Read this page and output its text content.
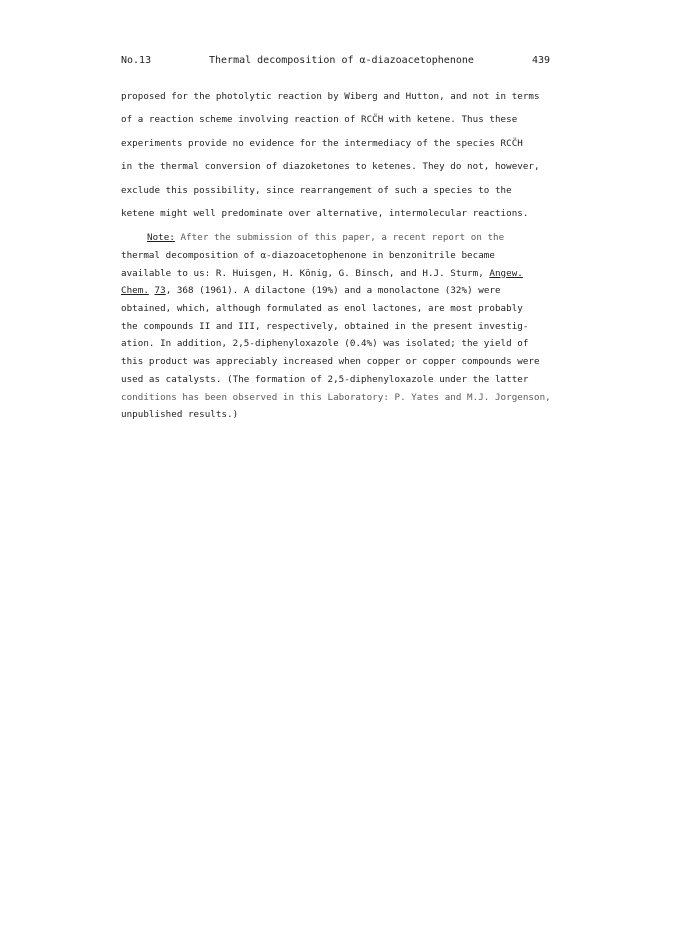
No.13	Thermal decomposition of α-diazoacetophenone	439
proposed for the photolytic reaction by Wiberg and Hutton, and not in terms
of a reaction scheme involving reaction of RCC̈H with ketene. Thus these
experiments provide no evidence for the intermediacy of the species RCC̈H
in the thermal conversion of diazoketones to ketenes. They do not, however,
exclude this possibility, since rearrangement of such a species to the
ketene might well predominate over alternative, intermolecular reactions.
Note: After the submission of this paper, a recent report on the
thermal decomposition of α-diazoacetophenone in benzonitrile became
available to us: R. Huisgen, H. König, G. Binsch, and H.J. Sturm, Angew.
Chem. 73, 368 (1961). A dilactone (19%) and a monolactone (32%) were
obtained, which, although formulated as enol lactones, are most probably
the compounds II and III, respectively, obtained in the present investig-
ation. In addition, 2,5-diphenyloxazole (0.4%) was isolated; the yield of
this product was appreciably increased when copper or copper compounds were
used as catalysts. (The formation of 2,5-diphenyloxazole under the latter
conditions has been observed in this Laboratory: P. Yates and M.J. Jorgenson,
unpublished results.)
